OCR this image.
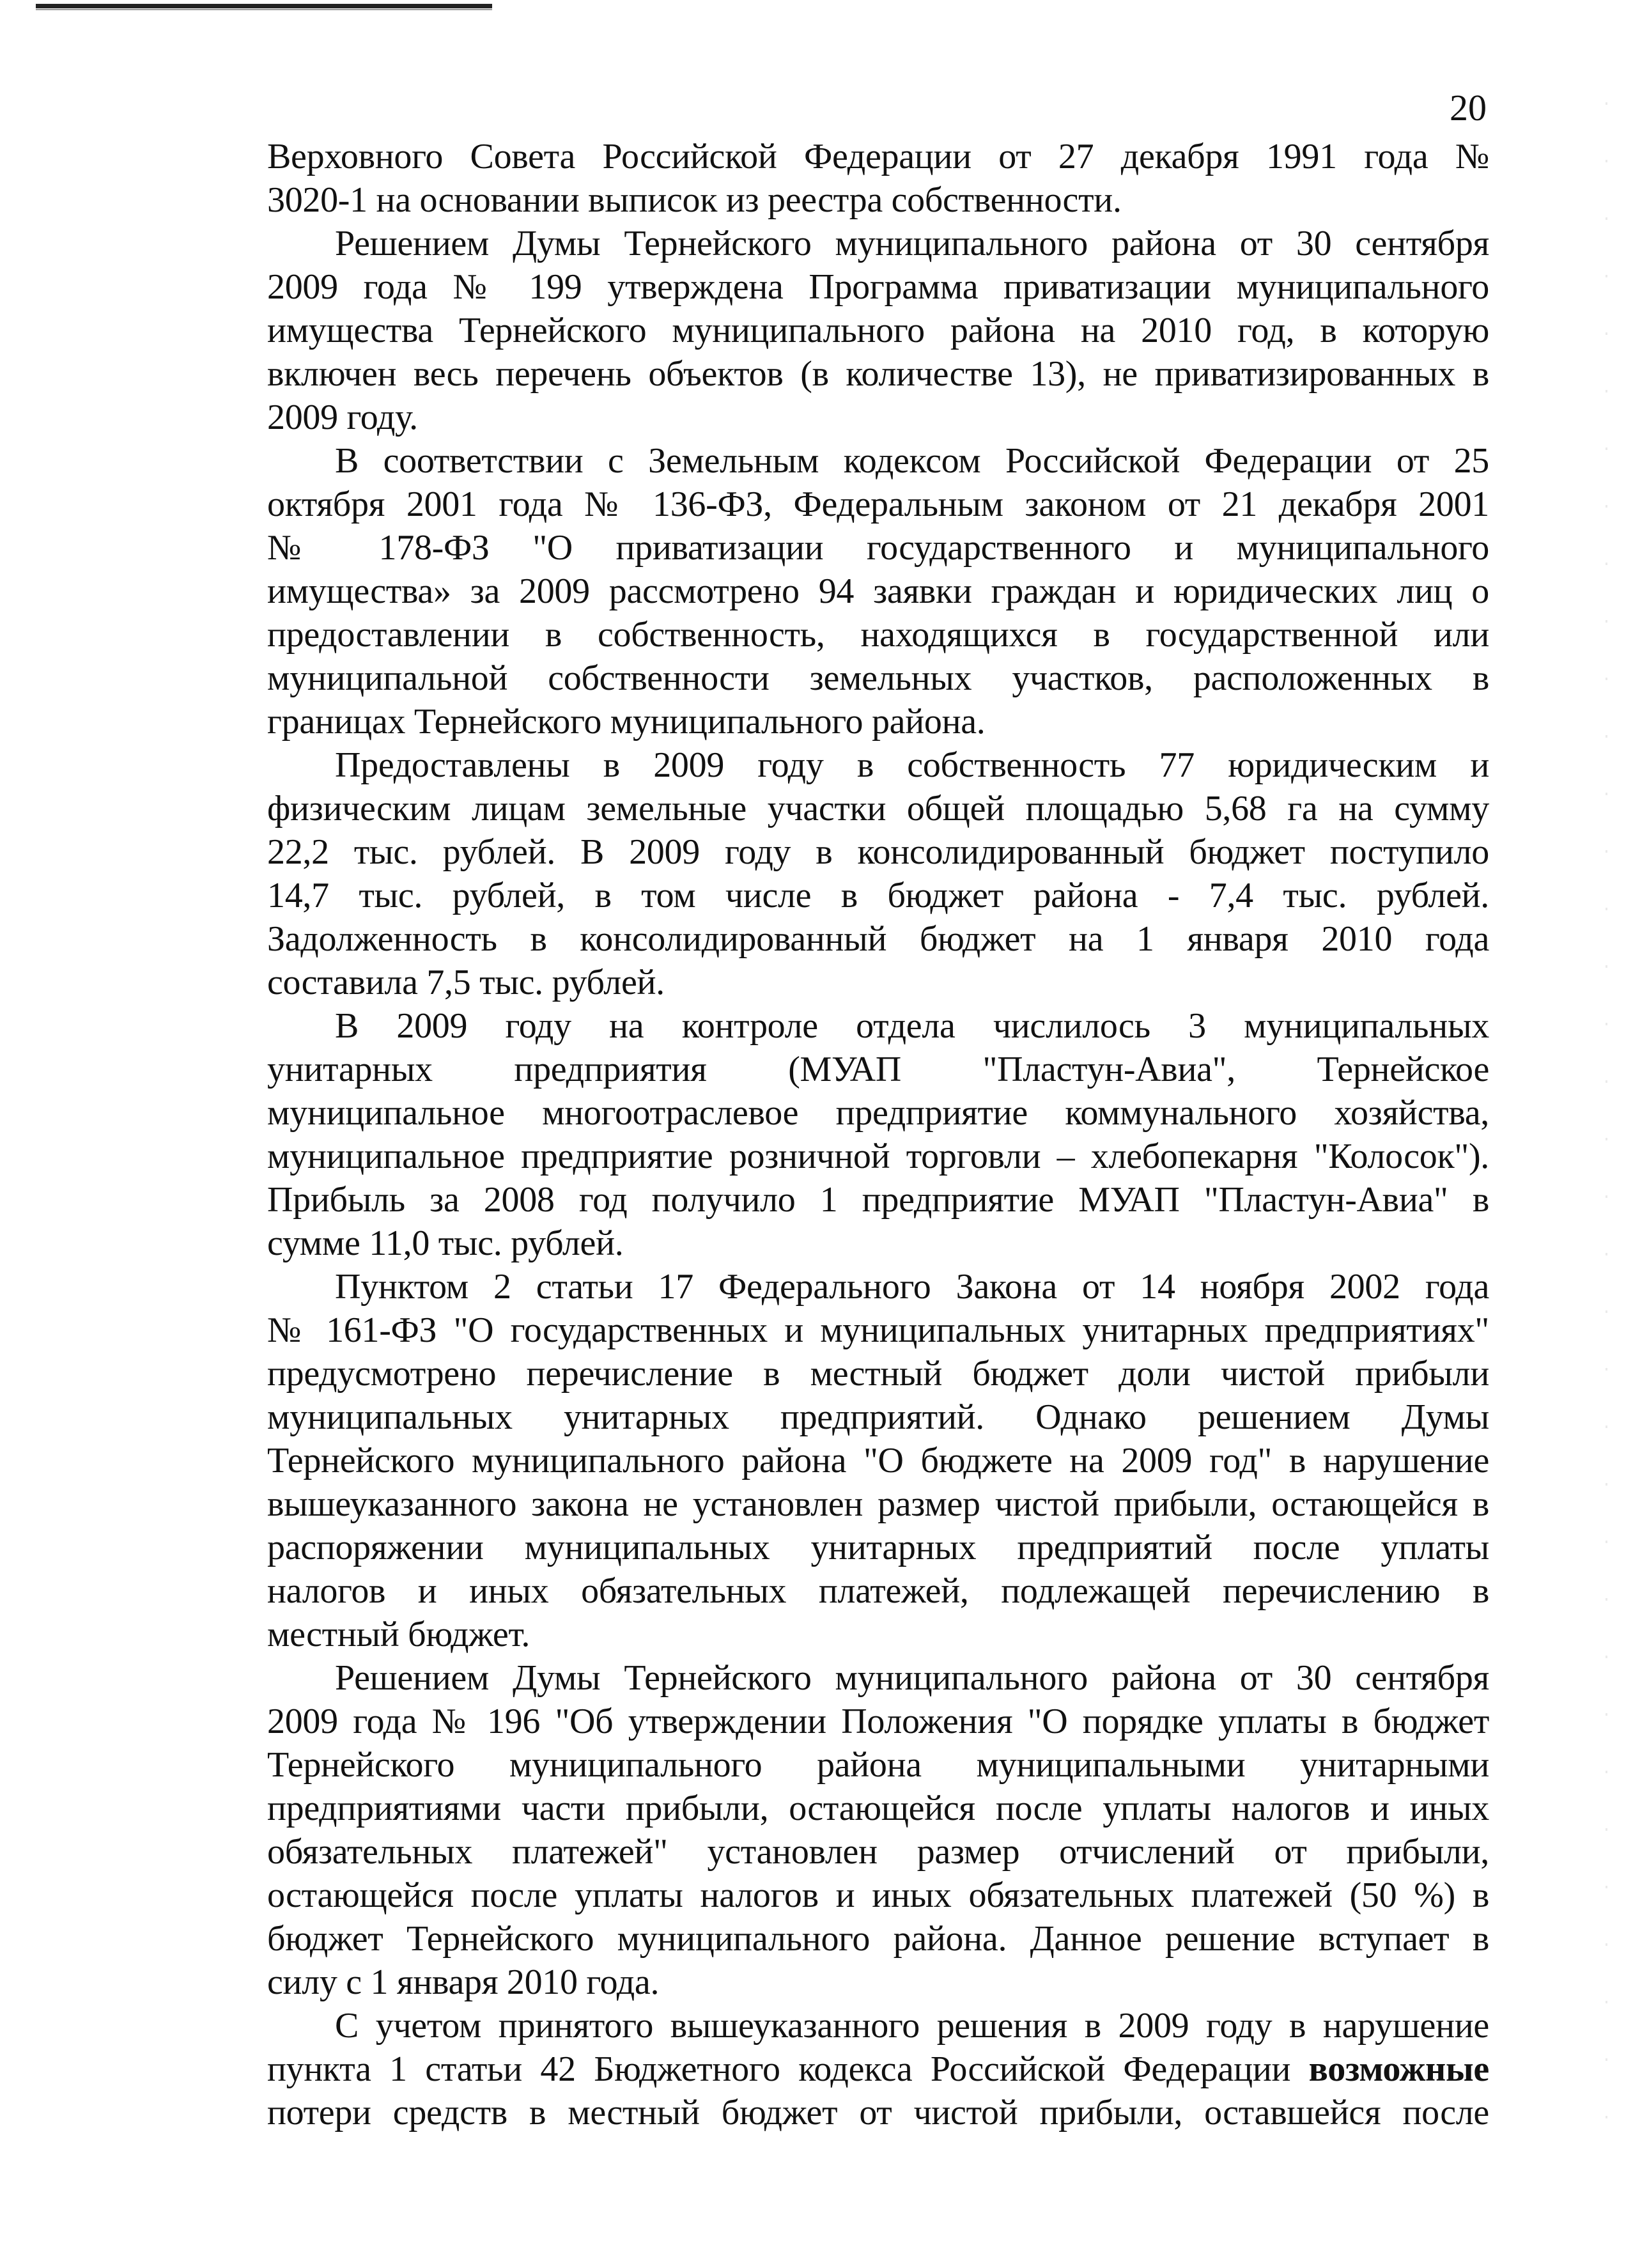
20
Верховного Совета Российской Федерации от 27 декабря 1991 года №
3020-1 на основании выписок из реестра собственности.
Решением Думы Тернейского муниципального района от 30 сентября
2009 года № 199 утверждена Программа приватизации муниципального
имущества Тернейского муниципального района на 2010 год, в которую
включен весь перечень объектов (в количестве 13), не приватизированных в
2009 году.
В соответствии с Земельным кодексом Российской Федерации от 25
октября 2001 года № 136-ФЗ, Федеральным законом от 21 декабря 2001
№ 178-ФЗ "О приватизации государственного и муниципального
имущества» за 2009 рассмотрено 94 заявки граждан и юридических лиц о
предоставлении в собственность, находящихся в государственной или
муниципальной собственности земельных участков, расположенных в
границах Тернейского муниципального района.
Предоставлены в 2009 году в собственность 77 юридическим и
физическим лицам земельные участки общей площадью 5,68 га на сумму
22,2 тыс. рублей. В 2009 году в консолидированный бюджет поступило
14,7 тыс. рублей, в том числе в бюджет района - 7,4 тыс. рублей.
Задолженность в консолидированный бюджет на 1 января 2010 года
составила 7,5 тыс. рублей.
В 2009 году на контроле отдела числилось 3 муниципальных
унитарных предприятия (МУАП "Пластун-Авиа", Тернейское
муниципальное многоотраслевое предприятие коммунального хозяйства,
муниципальное предприятие розничной торговли – хлебопекарня "Колосок").
Прибыль за 2008 год получило 1 предприятие МУАП "Пластун-Авиа" в
сумме 11,0 тыс. рублей.
Пунктом 2 статьи 17 Федерального Закона от 14 ноября 2002 года
№ 161-ФЗ "О государственных и муниципальных унитарных предприятиях"
предусмотрено перечисление в местный бюджет доли чистой прибыли
муниципальных унитарных предприятий. Однако решением Думы
Тернейского муниципального района "О бюджете на 2009 год" в нарушение
вышеуказанного закона не установлен размер чистой прибыли, остающейся в
распоряжении муниципальных унитарных предприятий после уплаты
налогов и иных обязательных платежей, подлежащей перечислению в
местный бюджет.
Решением Думы Тернейского муниципального района от 30 сентября
2009 года № 196 "Об утверждении Положения "О порядке уплаты в бюджет
Тернейского муниципального района муниципальными унитарными
предприятиями части прибыли, остающейся после уплаты налогов и иных
обязательных платежей" установлен размер отчислений от прибыли,
остающейся после уплаты налогов и иных обязательных платежей (50 %) в
бюджет Тернейского муниципального района. Данное решение вступает в
силу с 1 января 2010 года.
С учетом принятого вышеуказанного решения в 2009 году в нарушение
пункта 1 статьи 42 Бюджетного кодекса Российской Федерации возможные
потери средств в местный бюджет от чистой прибыли, оставшейся после
